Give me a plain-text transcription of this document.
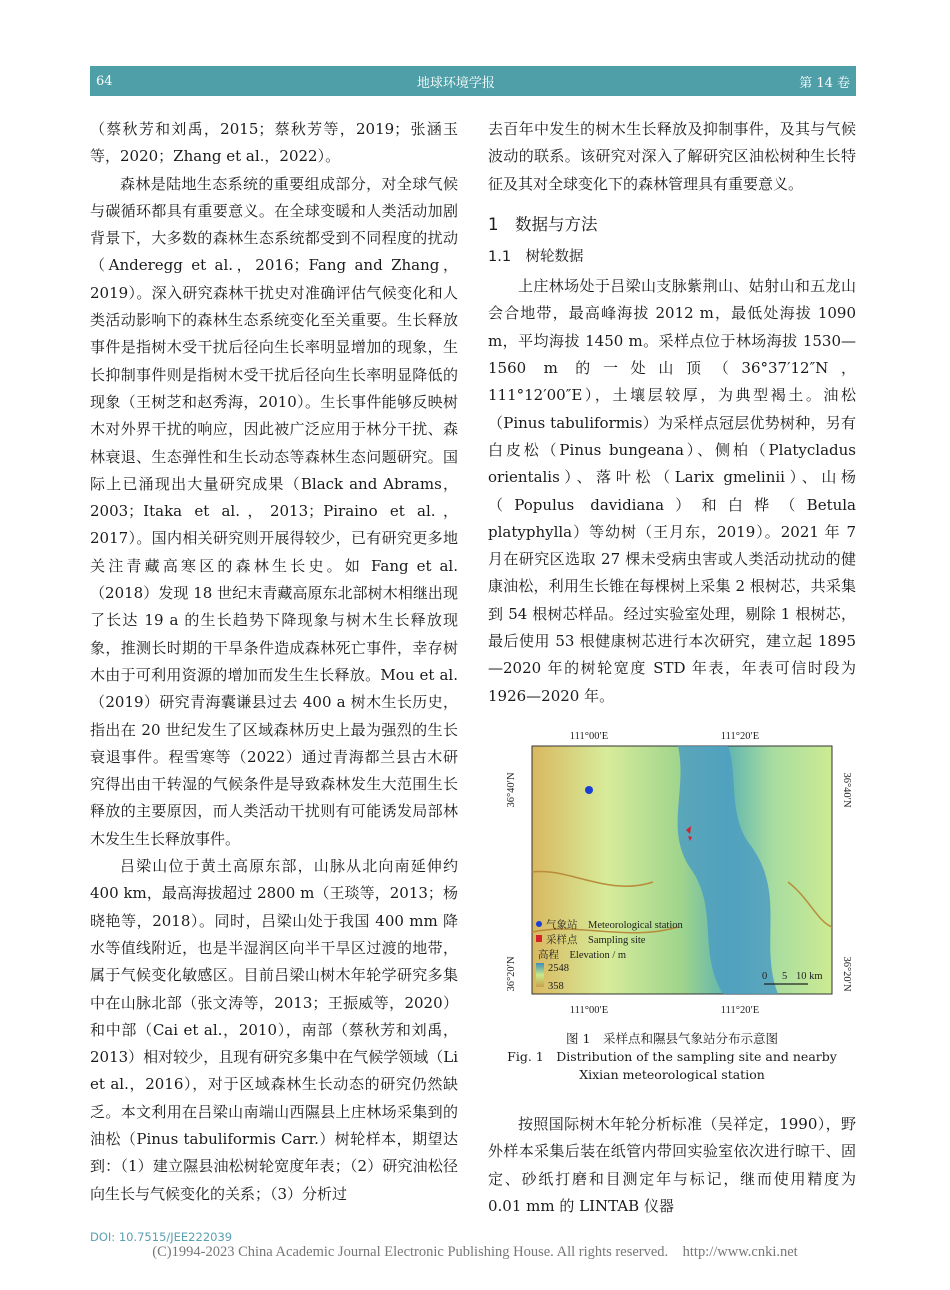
64	地球环境学报	第 14 卷

（蔡秋芳和刘禹，2015；蔡秋芳等，2019；张涵玉等，2020；Zhang et al.，2022）。

森林是陆地生态系统的重要组成部分，对全球气候与碳循环都具有重要意义。在全球变暖和人类活动加剧背景下，大多数的森林生态系统都受到不同程度的扰动（Anderegg et al.，2016；Fang and Zhang，2019）。深入研究森林干扰史对准确评估气候变化和人类活动影响下的森林生态系统变化至关重要。生长释放事件是指树木受干扰后径向生长率明显增加的现象，生长抑制事件则是指树木受干扰后径向生长率明显降低的现象（王树芝和赵秀海，2010）。生长事件能够反映树木对外界干扰的响应，因此被广泛应用于林分干扰、森林衰退、生态弹性和生长动态等森林生态问题研究。国际上已涌现出大量研究成果（Black and Abrams，2003；Itaka et al.，2013；Piraino et al.，2017）。国内相关研究则开展得较少，已有研究更多地关注青藏高寒区的森林生长史。如 Fang et al.（2018）发现 18 世纪末青藏高原东北部树木相继出现了长达 19 a 的生长趋势下降现象与树木生长释放现象，推测长时期的干旱条件造成森林死亡事件，幸存树木由于可利用资源的增加而发生生长释放。Mou et al.（2019）研究青海囊谦县过去 400 a 树木生长历史，指出在 20 世纪发生了区域森林历史上最为强烈的生长衰退事件。程雪寒等（2022）通过青海都兰县古木研究得出由干转湿的气候条件是导致森林发生大范围生长释放的主要原因，而人类活动干扰则有可能诱发局部林木发生生长释放事件。

吕梁山位于黄土高原东部，山脉从北向南延伸约 400 km，最高海拔超过 2800 m（王琰等，2013；杨晓艳等，2018）。同时，吕梁山处于我国 400 mm 降水等值线附近，也是半湿润区向半干旱区过渡的地带，属于气候变化敏感区。目前吕梁山树木年轮学研究多集中在山脉北部（张文涛等，2013；王振威等，2020）和中部（Cai et al.，2010），南部（蔡秋芳和刘禹，2013）相对较少，且现有研究多集中在气候学领域（Li et al.，2016），对于区域森林生长动态的研究仍然缺乏。本文利用在吕梁山南端山西隰县上庄林场采集到的油松（Pinus tabuliformis Carr.）树轮样本，期望达到：（1）建立隰县油松树轮宽度年表；（2）研究油松径向生长与气候变化的关系；（3）分析过

去百年中发生的树木生长释放及抑制事件，及其与气候波动的联系。该研究对深入了解研究区油松树种生长特征及其对全球变化下的森林管理具有重要意义。

1　数据与方法

1.1　树轮数据

上庄林场处于吕梁山支脉紫荆山、姑射山和五龙山会合地带，最高峰海拔 2012 m，最低处海拔 1090 m，平均海拔 1450 m。采样点位于林场海拔 1530—1560 m 的一处山顶（36°37′12″N，111°12′00″E），土壤层较厚，为典型褐土。油松（Pinus tabuliformis）为采样点冠层优势树种，另有白皮松（Pinus bungeana）、侧柏（Platycladus orientalis）、落叶松（Larix gmelinii）、山杨（Populus davidiana）和白桦（Betula platyphylla）等幼树（王月东，2019）。2021 年 7 月在研究区选取 27 棵未受病虫害或人类活动扰动的健康油松，利用生长锥在每棵树上采集 2 根树芯，共采集到 54 根树芯样品。经过实验室处理，剔除 1 根树芯，最后使用 53 根健康树芯进行本次研究，建立起 1895—2020 年的树轮宽度 STD 年表，年表可信时段为 1926—2020 年。

111°00′E	111°20′E
111°00′E	111°20′E
36°40′N
36°20′N
36°40′N
36°20′N
气象站　Meteorological station
采样点　Sampling site
高程　Elevation / m
2548
358
0 5 10 km

图 1　采样点和隰县气象站分布示意图

Fig. 1　Distribution of the sampling site and nearby Xixian meteorological station

按照国际树木年轮分析标准（吴祥定，1990），野外样本采集后装在纸管内带回实验室依次进行晾干、固定、砂纸打磨和目测定年与标记，继而使用精度为 0.01 mm 的 LINTAB 仪器

DOI: 10.7515/JEE222039
(C)1994-2023 China Academic Journal Electronic Publishing House. All rights reserved.　http://www.cnki.net
